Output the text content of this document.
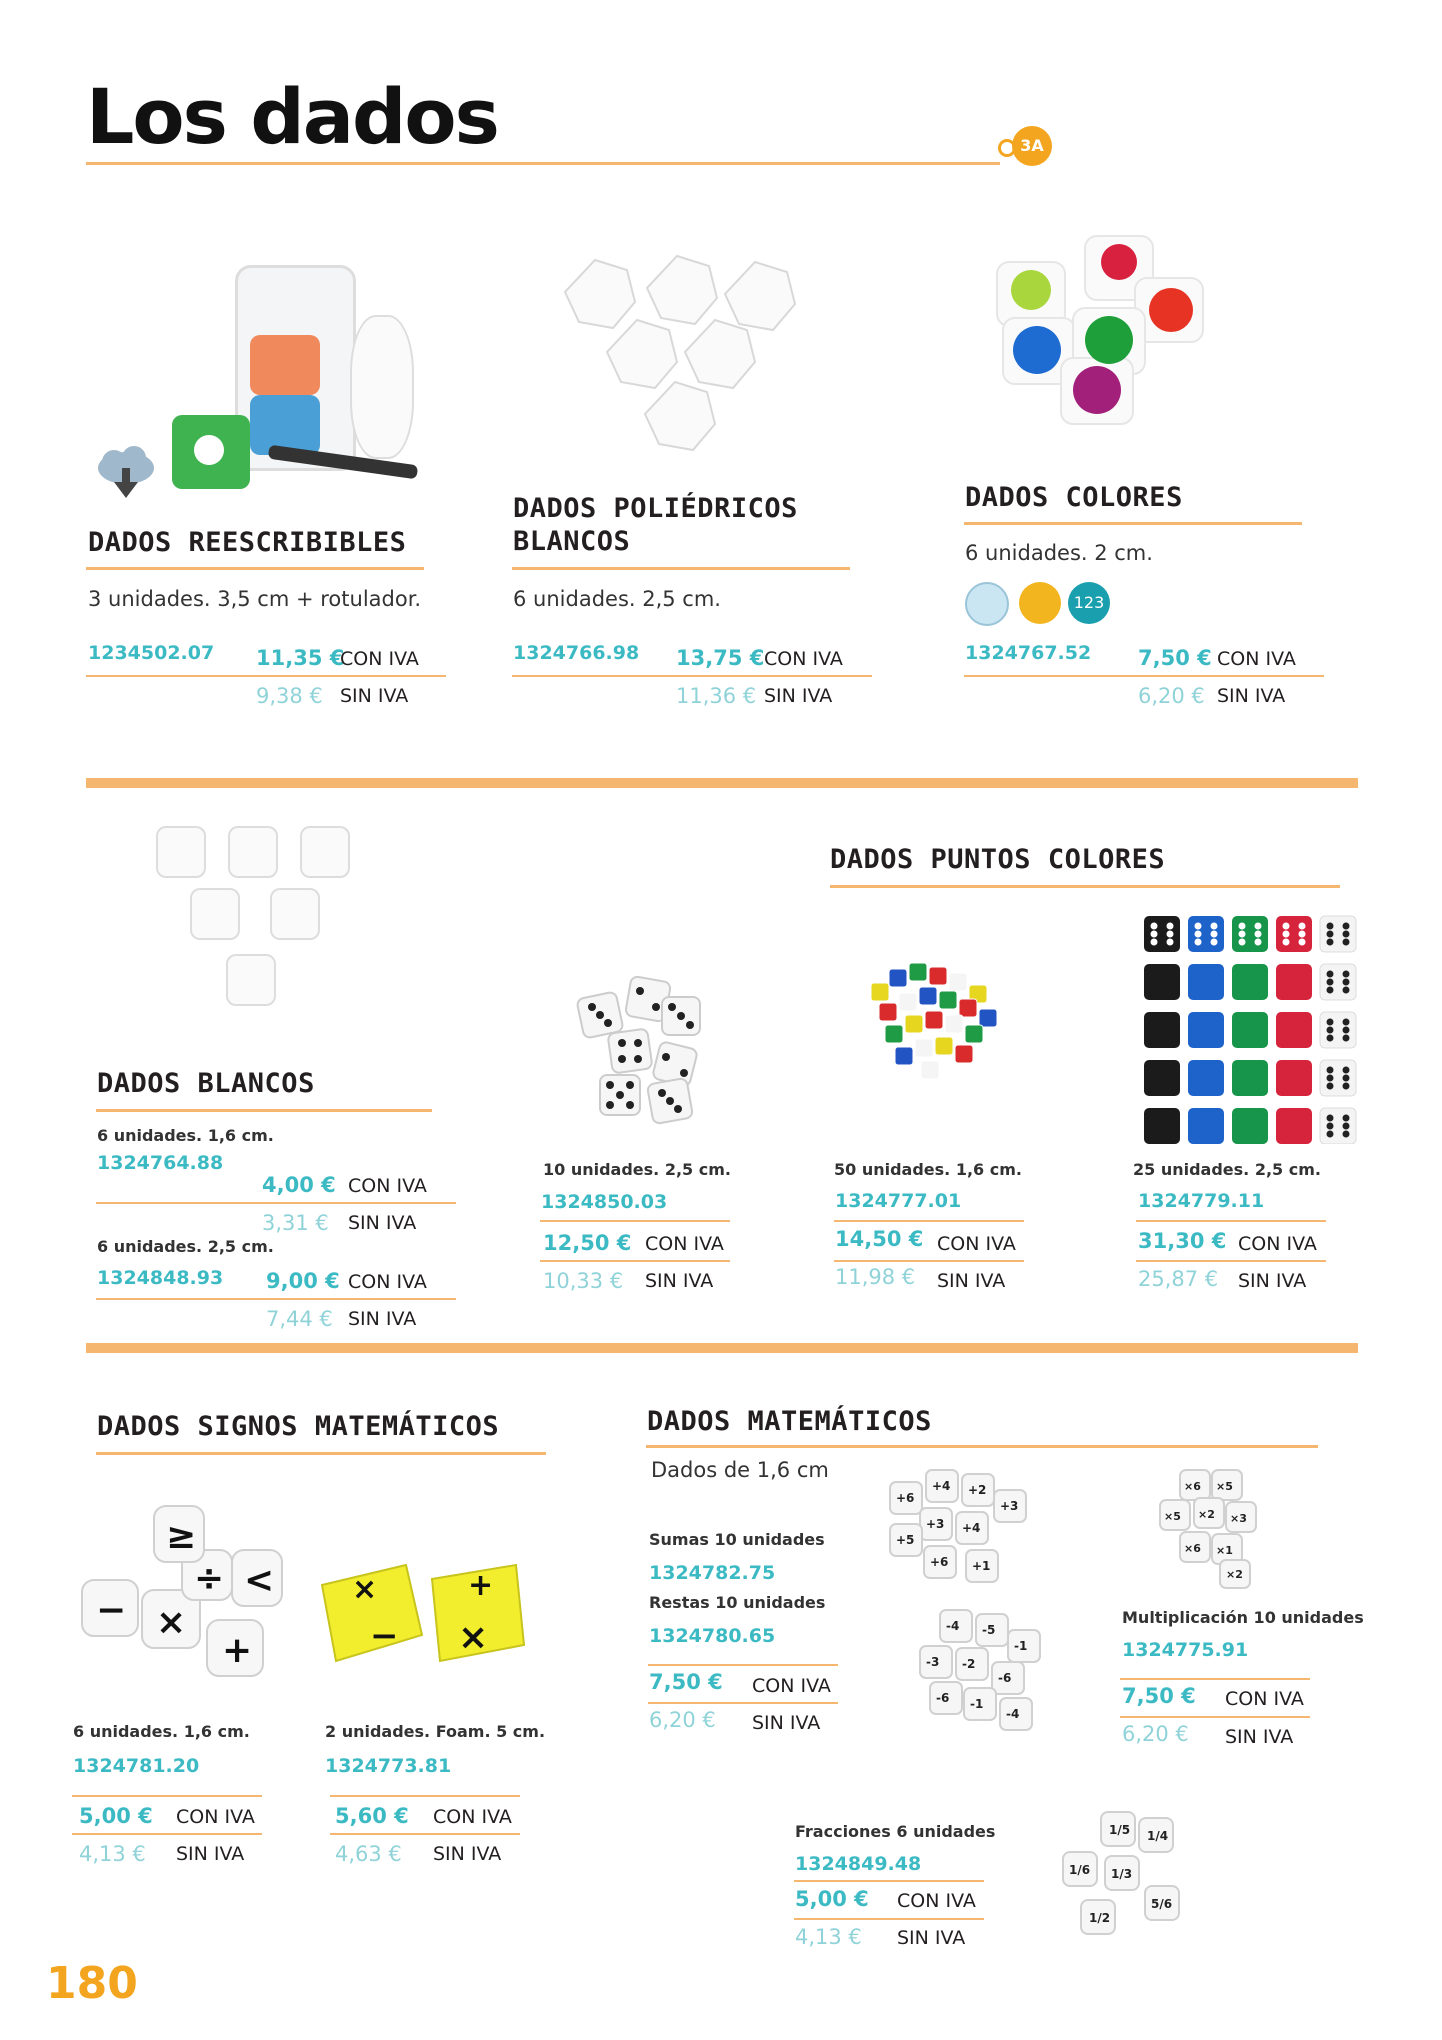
Los dados	3A
DADOS REESCRIBIBLES
3 unidades. 3,5 cm + rotulador.
1234502.07 11,35 €
CON IVA
9,38 € SIN IVA
DADOS POLIÉDRICOS
BLANCOS
6 unidades. 2,5 cm.
1324766.98 13,75 € CON IVA
11,36 € SIN IVA
DADOS COLORES
6 unidades. 2 cm.
123
1324767.52 7,50 € CON IVA
6,20 € SIN IVA
DADOS BLANCOS
6 unidades. 1,6 cm.
1324764.88
4,00 € CON IVA
3,31 € SIN IVA
6 unidades. 2,5 cm.
1324848.93 9,00 € CON IVA
7,44 € SIN IVA
DADOS PUNTOS COLORES
10 unidades. 2,5 cm.
1324850.03
12,50 € CON IVA
10,33 € SIN IVA
50 unidades. 1,6 cm.
1324777.01
14,50 € CON IVA
11,98 € SIN IVA
25 unidades. 2,5 cm.
1324779.11
31,30 € CON IVA
25,87 € SIN IVA
DADOS SIGNOS MATEMÁTICOS
− ×
÷
+
<
≥
×
−
+
×
6 unidades. 1,6 cm.
1324781.20
5,00 € CON IVA
4,13 € SIN IVA
2 unidades. Foam. 5 cm.
1324773.81
5,60 € CON IVA
4,63 € SIN IVA
DADOS MATEMÁTICOS
Dados de 1,6 cm
+6
+4 +2
+3
+3 +4
+5
+6 +1
-4 -5
-1
-3 -2
-6
-6 -1
-4
×6 ×5
×5 ×2 ×3
×6 ×1
×2
1/5 1/4
1/6 1/3
5/6
1/2
Sumas 10 unidades
1324782.75
Restas 10 unidades
1324780.65
7,50 € CON IVA
6,20 € SIN IVA
Multiplicación 10 unidades
1324775.91
7,50 € CON IVA
6,20 € SIN IVA
Fracciones 6 unidades
1324849.48
5,00 € CON IVA
4,13 € SIN IVA
180
